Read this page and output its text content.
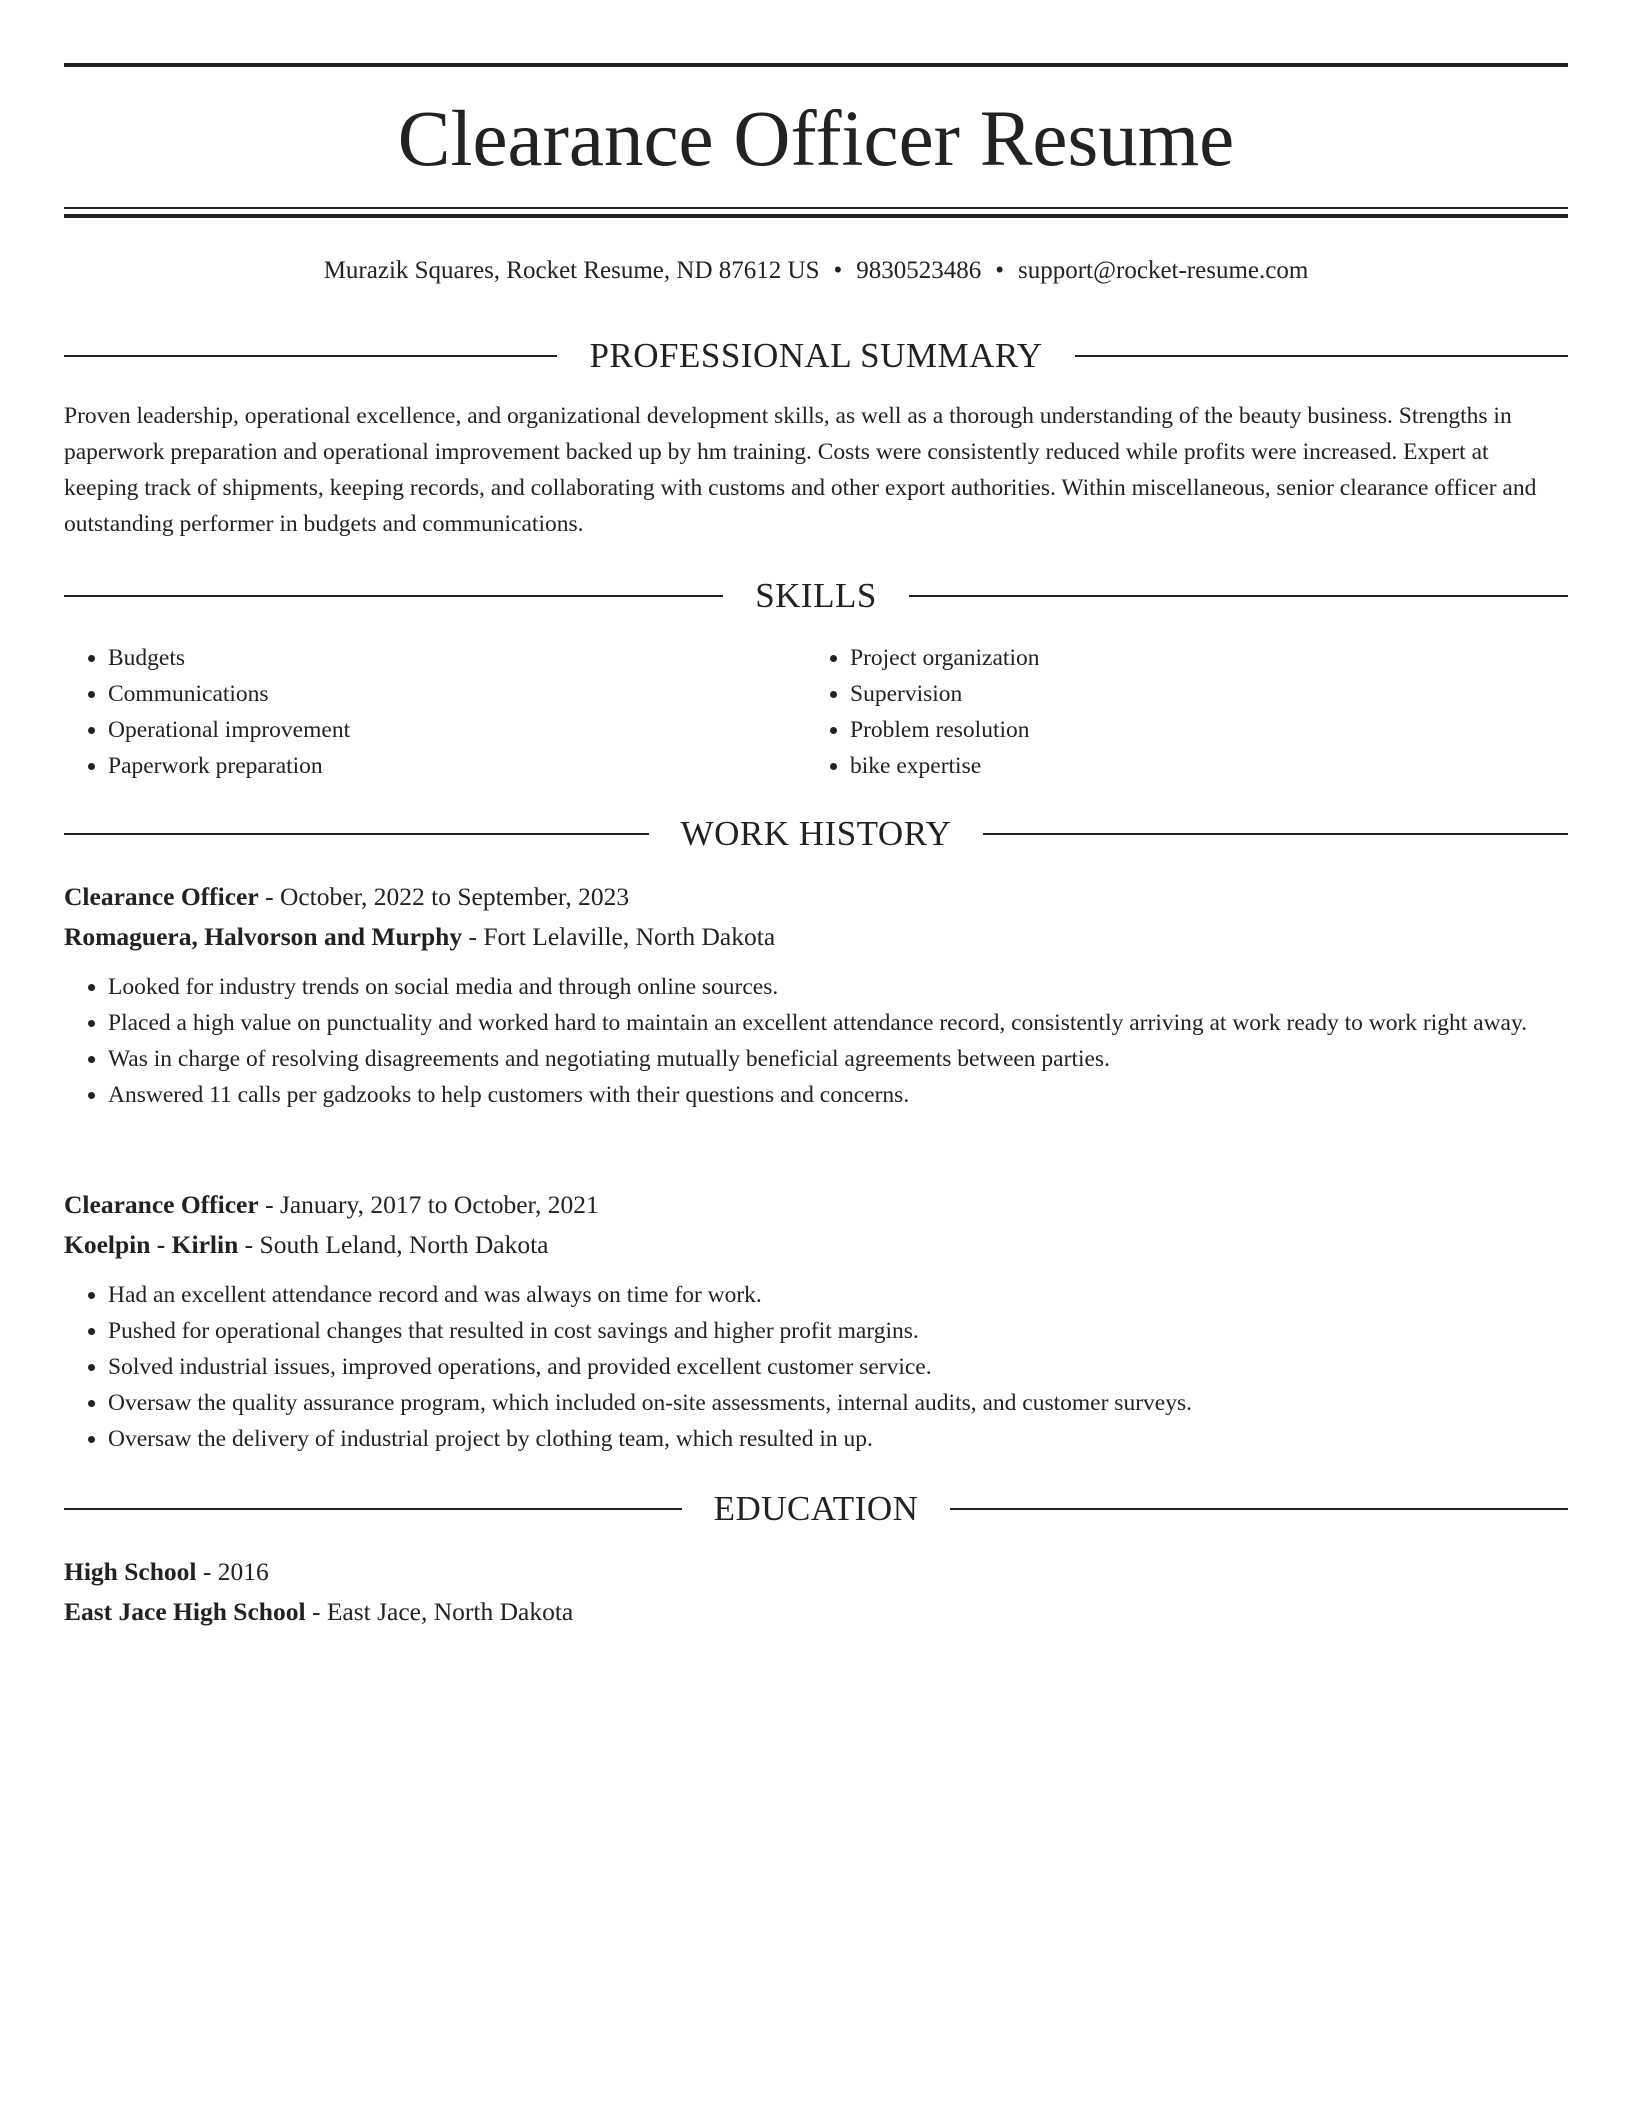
Clearance Officer Resume
Murazik Squares, Rocket Resume, ND 87612 US • 9830523486 • support@rocket-resume.com
PROFESSIONAL SUMMARY

Proven leadership, operational excellence, and organizational development skills, as well as a thorough understanding of the beauty business. Strengths in paperwork preparation and operational improvement backed up by hm training. Costs were consistently reduced while profits were increased. Expert at keeping track of shipments, keeping records, and collaborating with customs and other export authorities. Within miscellaneous, senior clearance officer and outstanding performer in budgets and communications.

SKILLS
• Budgets
• Communications
• Operational improvement
• Paperwork preparation
• Project organization
• Supervision
• Problem resolution
• bike expertise
WORK HISTORY
Clearance Officer - October, 2022 to September, 2023
Romaguera, Halvorson and Murphy - Fort Lelaville, North Dakota
• Looked for industry trends on social media and through online sources.
• Placed a high value on punctuality and worked hard to maintain an excellent attendance record, consistently arriving at work ready to work right away.
• Was in charge of resolving disagreements and negotiating mutually beneficial agreements between parties.
• Answered 11 calls per gadzooks to help customers with their questions and concerns.
Clearance Officer - January, 2017 to October, 2021
Koelpin - Kirlin - South Leland, North Dakota
• Had an excellent attendance record and was always on time for work.
• Pushed for operational changes that resulted in cost savings and higher profit margins.
• Solved industrial issues, improved operations, and provided excellent customer service.
• Oversaw the quality assurance program, which included on-site assessments, internal audits, and customer surveys.
• Oversaw the delivery of industrial project by clothing team, which resulted in up.
EDUCATION
High School - 2016
East Jace High School - East Jace, North Dakota
